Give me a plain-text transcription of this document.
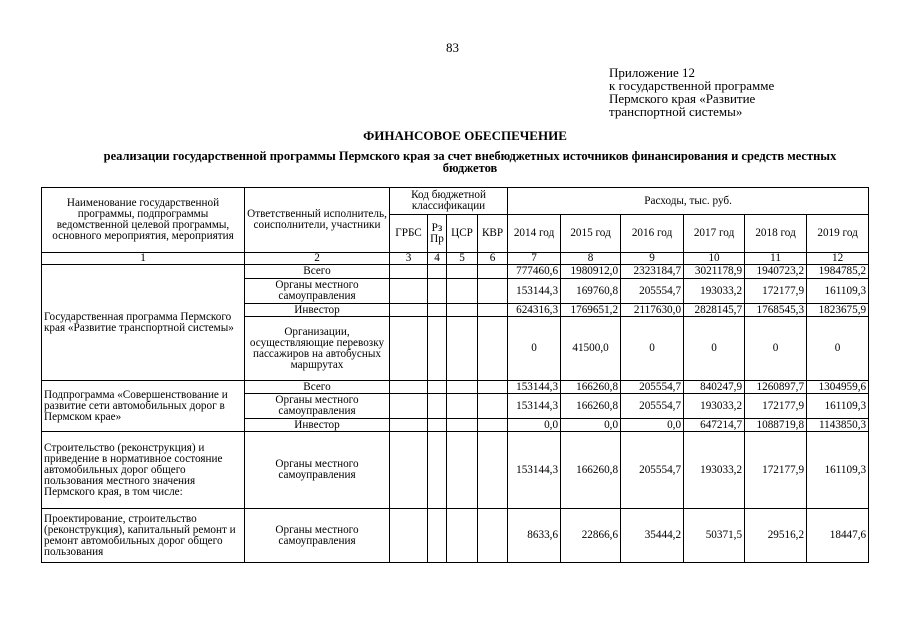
83
Приложение 12
к государственной программе
Пермского края «Развитие
транспортной системы»
ФИНАНСОВОЕ ОБЕСПЕЧЕНИЕ
реализации государственной программы Пермского края за счет внебюджетных источников финансирования и средств местных бюджетов
Наименование государственной программы, подпрограммы ведомственной целевой программы, основного мероприятия, мероприятия	Ответственный исполнитель, соисполнители, участники	Код бюджетной классификации				Расходы, тыс. руб.					
		ГРБС	Рз Пр	ЦСР	КВР	2014 год	2015 год	2016 год	2017 год	2018 год	2019 год
1	2	3	4	5	6	7	8	9	10	11	12
Государственная программа Пермского края «Развитие транспортной системы»	Всего					777460,6	1980912,0	2323184,7	3021178,9	1940723,2	1984785,2
	Органы местного самоуправления					153144,3	169760,8	205554,7	193033,2	172177,9	161109,3
	Инвестор					624316,3	1769651,2	2117630,0	2828145,7	1768545,3	1823675,9
	Организации, осуществляющие перевозку пассажиров на автобусных маршрутах					0	41500,0	0	0	0	0
Подпрограмма «Совершенствование и развитие сети автомобильных дорог в Пермском крае»	Всего					153144,3	166260,8	205554,7	840247,9	1260897,7	1304959,6
	Органы местного самоуправления					153144,3	166260,8	205554,7	193033,2	172177,9	161109,3
	Инвестор					0,0	0,0	0,0	647214,7	1088719,8	1143850,3
Строительство (реконструкция) и приведение в нормативное состояние автомобильных дорог общего пользования местного значения Пермского края, в том числе:	Органы местного самоуправления					153144,3	166260,8	205554,7	193033,2	172177,9	161109,3
Проектирование, строительство (реконструкция), капитальный ремонт и ремонт автомобильных дорог общего пользования	Органы местного самоуправления					8633,6	22866,6	35444,2	50371,5	29516,2	18447,6
